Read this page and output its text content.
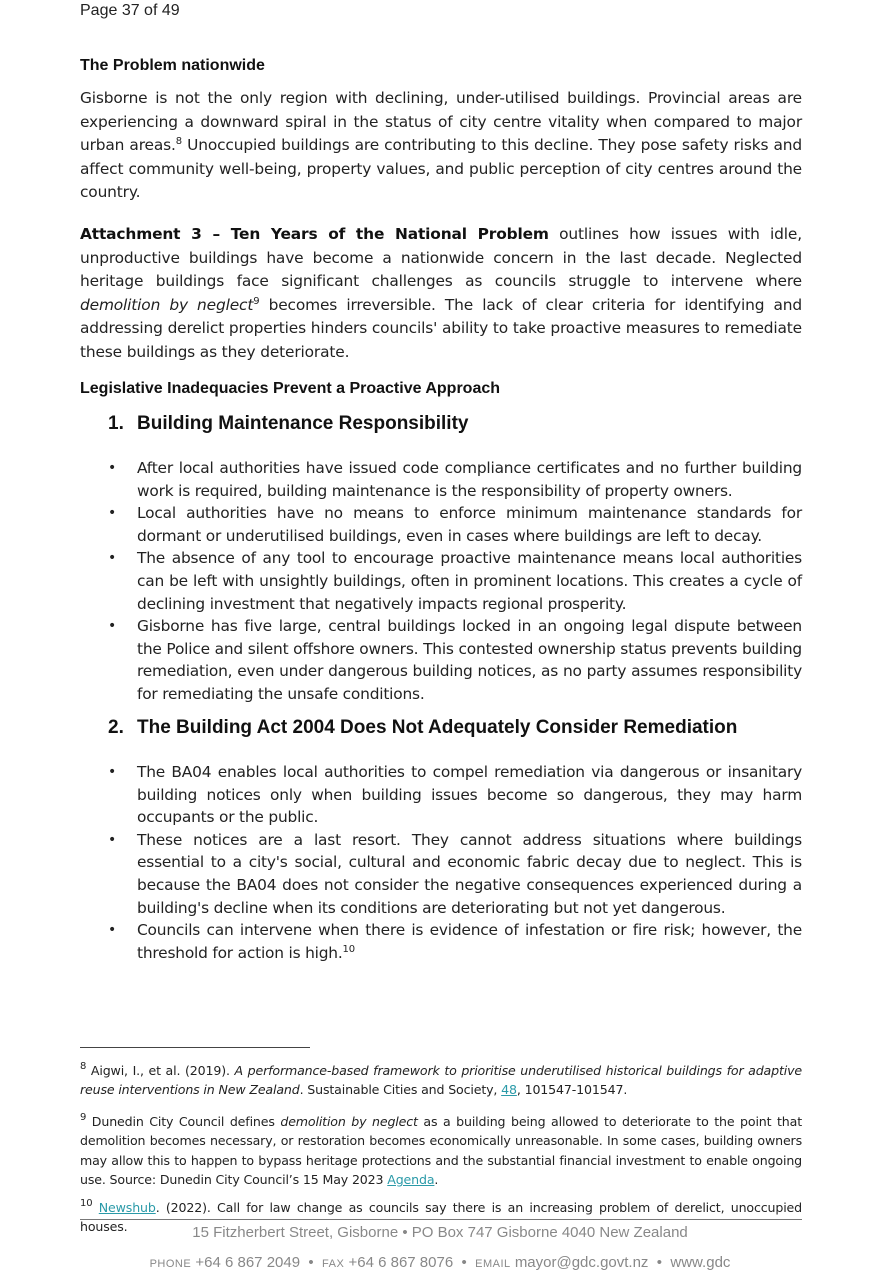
Page 37 of 49
The Problem nationwide
Gisborne is not the only region with declining, under-utilised buildings. Provincial areas are experiencing a downward spiral in the status of city centre vitality when compared to major urban areas.$^8$ Unoccupied buildings are contributing to this decline. They pose safety risks and affect community well-being, property values, and public perception of city centres around the country.
Attachment 3 – Ten Years of the National Problem outlines how issues with idle, unproductive buildings have become a nationwide concern in the last decade. Neglected heritage buildings face significant challenges as councils struggle to intervene where demolition by neglect$^9$ becomes irreversible. The lack of clear criteria for identifying and addressing derelict properties hinders councils' ability to take proactive measures to remediate these buildings as they deteriorate.
Legislative Inadequacies Prevent a Proactive Approach
1. Building Maintenance Responsibility
• After local authorities have issued code compliance certificates and no further building work is required, building maintenance is the responsibility of property owners.
• Local authorities have no means to enforce minimum maintenance standards for dormant or underutilised buildings, even in cases where buildings are left to decay.
• The absence of any tool to encourage proactive maintenance means local authorities can be left with unsightly buildings, often in prominent locations. This creates a cycle of declining investment that negatively impacts regional prosperity.
• Gisborne has five large, central buildings locked in an ongoing legal dispute between the Police and silent offshore owners. This contested ownership status prevents building remediation, even under dangerous building notices, as no party assumes responsibility for remediating the unsafe conditions.
2. The Building Act 2004 Does Not Adequately Consider Remediation
• The BA04 enables local authorities to compel remediation via dangerous or insanitary building notices only when building issues become so dangerous, they may harm occupants or the public.
• These notices are a last resort. They cannot address situations where buildings essential to a city's social, cultural and economic fabric decay due to neglect. This is because the BA04 does not consider the negative consequences experienced during a building's decline when its conditions are deteriorating but not yet dangerous.
• Councils can intervene when there is evidence of infestation or fire risk; however, the threshold for action is high.$^{10}$
$^8$ Aigwi, I., et al. (2019). A performance-based framework to prioritise underutilised historical buildings for adaptive reuse interventions in New Zealand. Sustainable Cities and Society, 48, 101547-101547.
$^9$ Dunedin City Council defines demolition by neglect as a building being allowed to deteriorate to the point that demolition becomes necessary, or restoration becomes economically unreasonable. In some cases, building owners may allow this to happen to bypass heritage protections and the substantial financial investment to enable ongoing use. Source: Dunedin City Council’s 15 May 2023 Agenda.
$^{10}$ Newshub. (2022). Call for law change as councils say there is an increasing problem of derelict, unoccupied houses.	15 Fitzherbert Street, Gisborne • PO Box 747 Gisborne 4040 New Zealand
PHONE +64 6 867 2049 • FAX +64 6 867 8076 • EMAIL mayor@gdc.govt.nz • www.gdc
